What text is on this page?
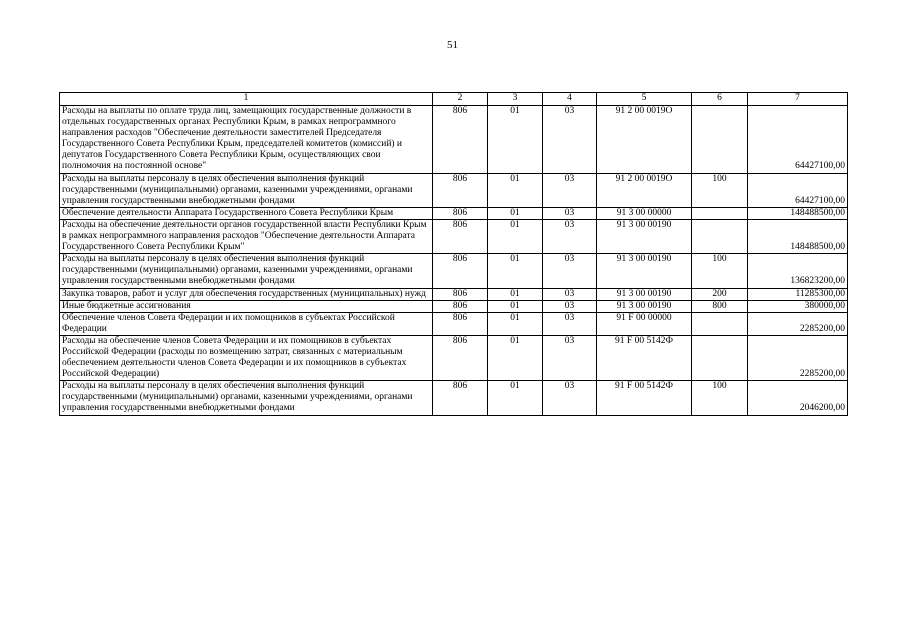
51
1	2	3	4	5	6	7
Расходы на выплаты по оплате труда лиц, замещающих государственные должности в отдельных государственных органах Республики Крым, в рамках непрограммного направления расходов "Обеспечение деятельности заместителей Председателя Государственного Совета Республики Крым, председателей комитетов (комиссий) и депутатов Государственного Совета Республики Крым, осуществляющих свои полномочия на постоянной основе"	806	01	03	91 2 00 0019О		64427100,00
Расходы на выплаты персоналу в целях обеспечения выполнения функций государственными (муниципальными) органами, казенными учреждениями, органами управления государственными внебюджетными фондами	806	01	03	91 2 00 0019О	100	64427100,00
Обеспечение деятельности Аппарата Государственного Совета Республики Крым	806	01	03	91 3 00 00000		148488500,00
Расходы на обеспечение деятельности органов государственной власти Республики Крым в рамках непрограммного направления расходов "Обеспечение деятельности Аппарата Государственного Совета Республики Крым"	806	01	03	91 3 00 00190		148488500,00
Расходы на выплаты персоналу в целях обеспечения выполнения функций государственными (муниципальными) органами, казенными учреждениями, органами управления государственными внебюджетными фондами	806	01	03	91 3 00 00190	100	136823200,00
Закупка товаров, работ и услуг для обеспечения государственных (муниципальных) нужд	806	01	03	91 3 00 00190	200	11285300,00
Иные бюджетные ассигнования	806	01	03	91 3 00 00190	800	380000,00
Обеспечение членов Совета Федерации и их помощников в субъектах Российской Федерации	806	01	03	91 F 00 00000		2285200,00
Расходы на обеспечение членов Совета Федерации и их помощников в субъектах Российской Федерации (расходы по возмещению затрат, связанных с материальным обеспечением деятельности членов Совета Федерации и их помощников в субъектах Российской Федерации)	806	01	03	91 F 00 5142Ф		2285200,00
Расходы на выплаты персоналу в целях обеспечения выполнения функций государственными (муниципальными) органами, казенными учреждениями, органами управления государственными внебюджетными фондами	806	01	03	91 F 00 5142Ф	100	2046200,00
